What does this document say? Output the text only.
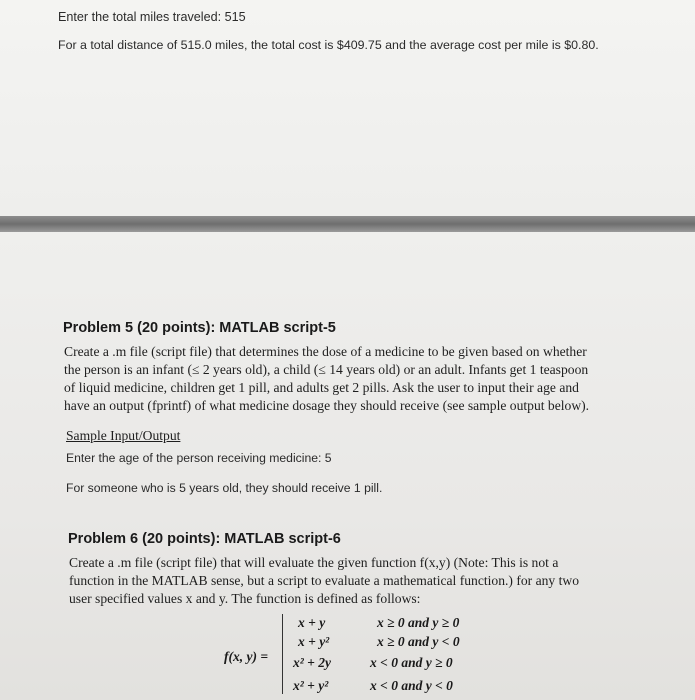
Enter the total miles traveled: 515
For a total distance of 515.0 miles, the total cost is $409.75 and the average cost per mile is $0.80.
Problem 5 (20 points): MATLAB script-5
Create a .m file (script file) that determines the dose of a medicine to be given based on whether
the person is an infant (≤ 2 years old), a child (≤ 14 years old) or an adult. Infants get 1 teaspoon
of liquid medicine, children get 1 pill, and adults get 2 pills. Ask the user to input their age and
have an output (fprintf) of what medicine dosage they should receive (see sample output below).
Sample Input/Output
Enter the age of the person receiving medicine: 5
For someone who is 5 years old, they should receive 1 pill.
Problem 6 (20 points): MATLAB script-6
Create a .m file (script file) that will evaluate the given function f(x,y) (Note: This is not a
function in the MATLAB sense, but a script to evaluate a mathematical function.) for any two
user specified values x and y. The function is defined as follows:
f(x, y) =
x + y	x ≥ 0 and y ≥ 0
x + y²	x ≥ 0 and y < 0
x² + 2y	x < 0 and y ≥ 0
x² + y²	x < 0 and y < 0
